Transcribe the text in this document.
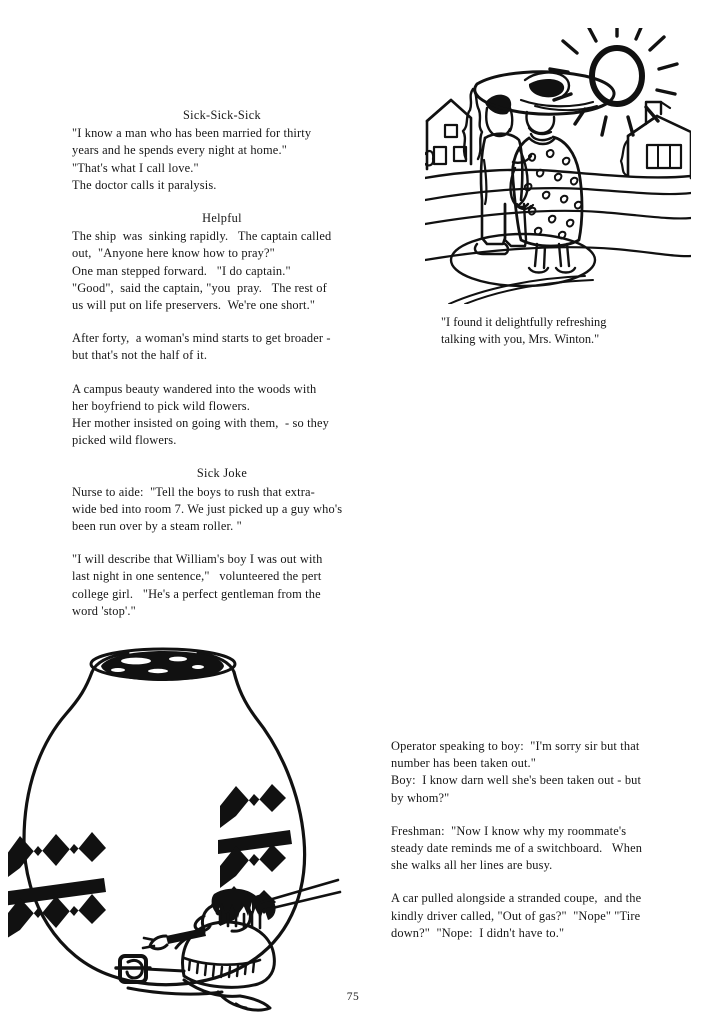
"I found it delightfully refreshing

talking with you, Mrs. Winton."

Sick-Sick-Sick

"I know a man who has been married for thirty

years and he spends every night at home."

"That's what I call love."

The doctor calls it paralysis.

Helpful

The ship  was  sinking rapidly.   The captain called

out,  "Anyone here know how to pray?"

One man stepped forward.   "I do captain."

"Good",  said the captain, "you  pray.   The rest of

us will put on life preservers.  We're one short."

After forty,  a woman's mind starts to get broader -

but that's not the half of it.

A campus beauty wandered into the woods with

her boyfriend to pick wild flowers.

Her mother insisted on going with them,  - so they

picked wild flowers.

Sick Joke

Nurse to aide:  "Tell the boys to rush that extra-

wide bed into room 7. We just picked up a guy who's

been run over by a steam roller. "

"I will describe that William's boy I was out with

last night in one sentence,"   volunteered the pert

college girl.   "He's a perfect gentleman from the

word 'stop'."

Operator speaking to boy:  "I'm sorry sir but that

number has been taken out."

Boy:  I know darn well she's been taken out - but

by whom?"

Freshman:  "Now I know why my roommate's

steady date reminds me of a switchboard.   When

she walks all her lines are busy.

A car pulled alongside a stranded coupe,  and the

kindly driver called, "Out of gas?"  "Nope" "Tire

down?"  "Nope:  I didn't have to."

75
